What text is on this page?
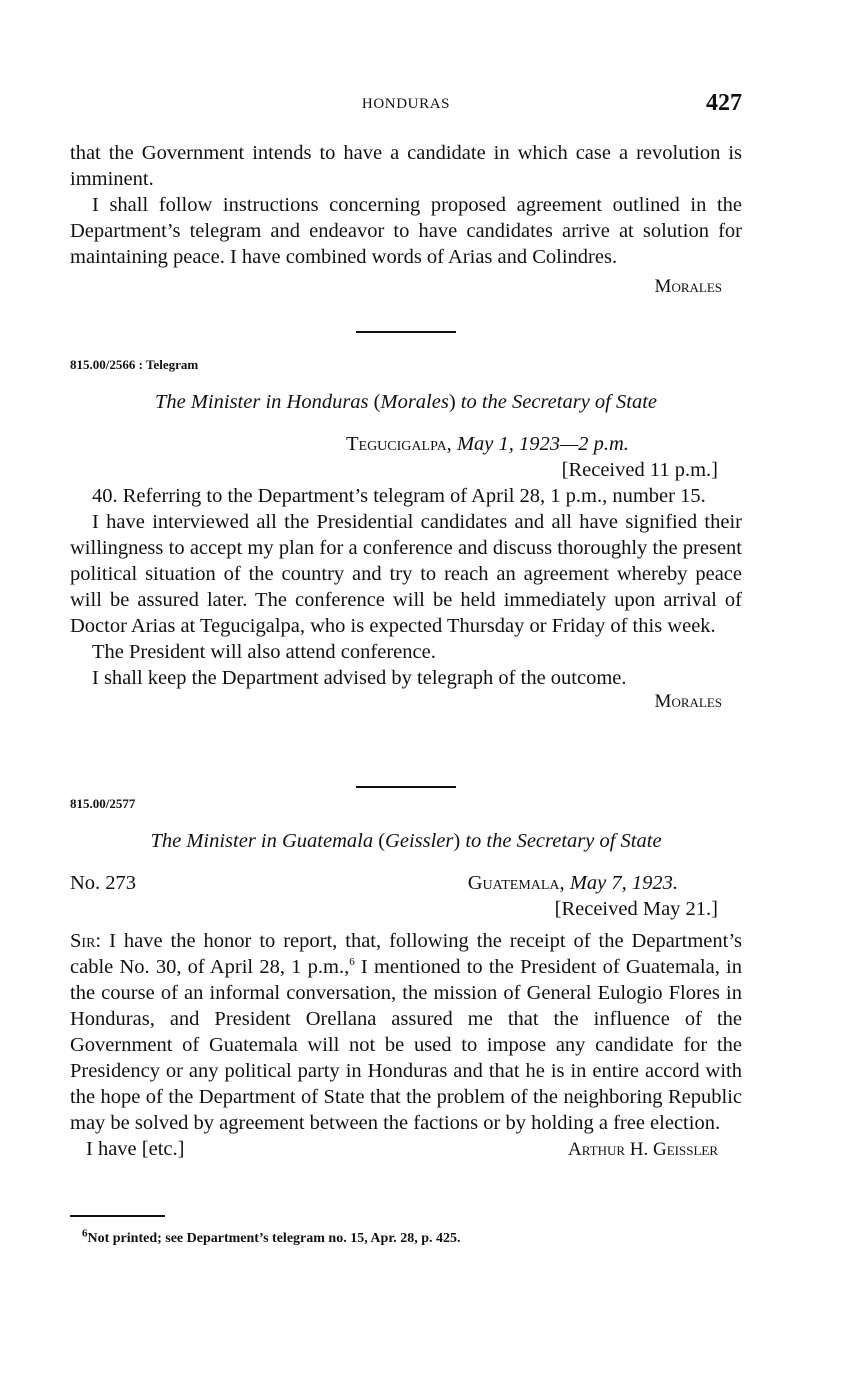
HONDURAS	427

that the Government intends to have a candidate in which case a revolution is imminent.

I shall follow instructions concerning proposed agreement outlined in the Department’s telegram and endeavor to have candidates arrive at solution for maintaining peace. I have combined words of Arias and Colindres.

Morales
815.00/2566 : Telegram
The Minister in Honduras (Morales) to the Secretary of State
Tegucigalpa, May 1, 1923—2 p.m.
[Received 11 p.m.]

40. Referring to the Department’s telegram of April 28, 1 p.m., number 15.

I have interviewed all the Presidential candidates and all have signified their willingness to accept my plan for a conference and discuss thoroughly the present political situation of the country and try to reach an agreement whereby peace will be assured later. The conference will be held immediately upon arrival of Doctor Arias at Tegucigalpa, who is expected Thursday or Friday of this week.

The President will also attend conference.

I shall keep the Department advised by telegraph of the outcome.

Morales
815.00/2577
The Minister in Guatemala (Geissler) to the Secretary of State
No. 273	Guatemala, May 7, 1923.
[Received May 21.]

Sir: I have the honor to report, that, following the receipt of the Department’s cable No. 30, of April 28, 1 p.m.,$^6$ I mentioned to the President of Guatemala, in the course of an informal conversation, the mission of General Eulogio Flores in Honduras, and President Orellana assured me that the influence of the Government of Guatemala will not be used to impose any candidate for the Presidency or any political party in Honduras and that he is in entire accord with the hope of the Department of State that the problem of the neighboring Republic may be solved by agreement between the factions or by holding a free election.

I have [etc.]	Arthur H. Geissler
$^6$Not printed; see Department’s telegram no. 15, Apr. 28, p. 425.
